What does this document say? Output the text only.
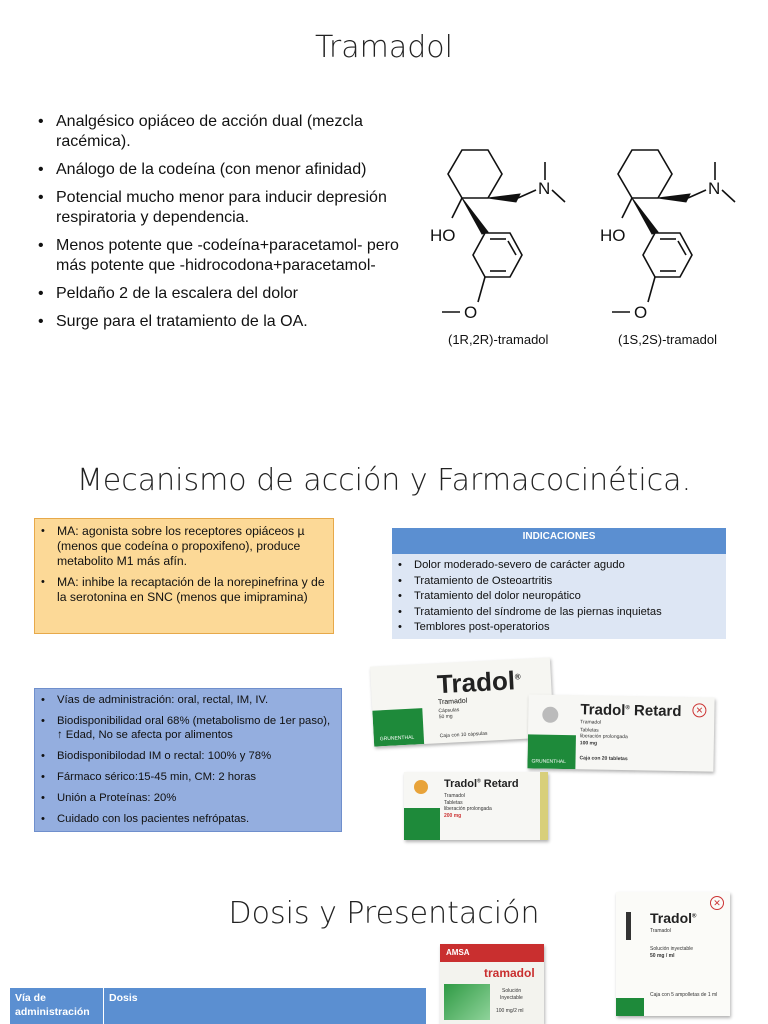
Tramadol
• Analgésico opiáceo de acción dual (mezcla racémica).
• Análogo de la codeína (con menor afinidad)
• Potencial mucho menor para inducir depresión respiratoria y dependencia.
• Menos potente que -codeína+paracetamol- pero más potente que -hidrocodona+paracetamol-
• Peldaño 2 de la escalera del dolor
• Surge para el tratamiento de la OA.
N
HO
O
(1R,2R)-tramadol
N
HO
O
(1S,2S)-tramadol
Mecanismo de acción y Farmacocinética.
• MA: agonista sobre los receptores opiáceos µ (menos que codeína o propoxifeno), produce metabolito M1 más afín.
• MA: inhibe la recaptación de la norepinefrina y de la serotonina en SNC (menos que imipramina)
INDICACIONES
• Dolor moderado-severo de carácter agudo
• Tratamiento de Osteoartritis
• Tratamiento del dolor neuropático
• Tratamiento del síndrome de las piernas inquietas
• Temblores post-operatorios
• Vías de administración: oral, rectal, IM, IV.
• Biodisponibilidad oral 68% (metabolismo de 1er paso), ↑ Edad, No se afecta por alimentos
• Biodisponibilodad IM o rectal: 100% y 78%
• Fármaco sérico:15-45 min, CM: 2 horas
• Unión a Proteínas: 20%
• Cuidado con los pacientes nefrópatas.
Tradol®
Tramadol
Cápsulas
50 mg
Caja con 10 cápsulas
GRUNENTHAL
✕
Tradol® Retard
Tramadol
Tabletas
liberación prolongada
100 mg
Caja con 20 tabletas
GRUNENTHAL
Tradol® Retard
Tramadol
Tabletas
liberación prolongada
200 mg
Dosis y Presentación
AMSA
tramadol
Solución
Inyectable
100 mg/2 ml
✕
Tradol®
Tramadol
Solución inyectable
50 mg / ml
Caja con 5 ampolletas de 1 ml
Vía de administración
Dosis
